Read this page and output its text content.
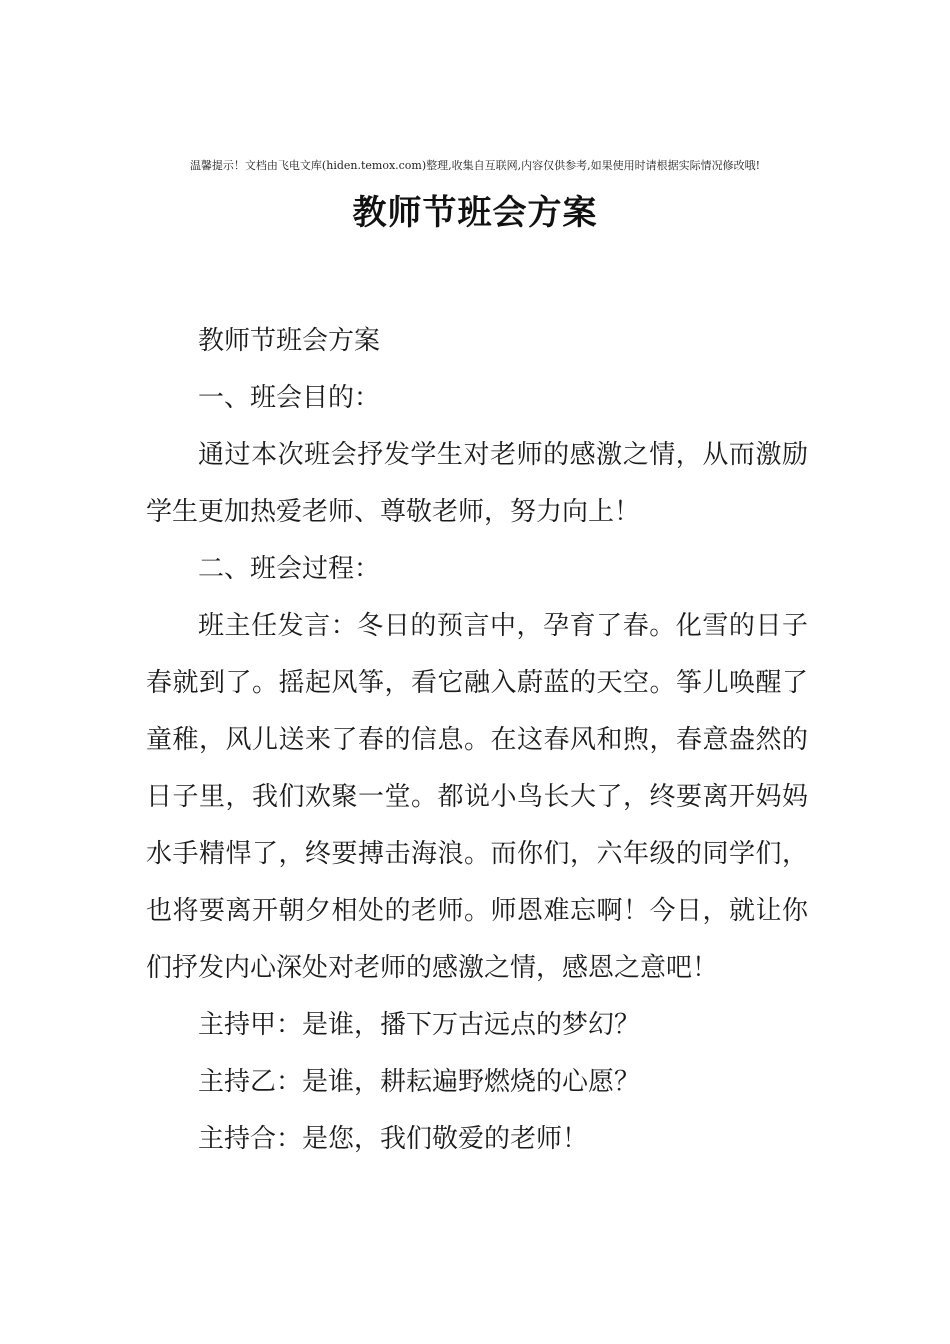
温馨提示！文档由飞电文库(hiden.temox.com)整理,收集自互联网,内容仅供参考,如果使用时请根据实际情况修改哦!
教师节班会方案

教师节班会方案

一、班会目的：

通过本次班会抒发学生对老师的感激之情，从而激励学生更加热爱老师、尊敬老师，努力向上！

二、班会过程：

班主任发言：冬日的预言中，孕育了春。化雪的日子春就到了。摇起风筝，看它融入蔚蓝的天空。筝儿唤醒了童稚，风儿送来了春的信息。在这春风和煦，春意盎然的日子里，我们欢聚一堂。都说小鸟长大了，终要离开妈妈水手精悍了，终要搏击海浪。而你们，六年级的同学们，也将要离开朝夕相处的老师。师恩难忘啊！今日，就让你们抒发内心深处对老师的感激之情，感恩之意吧！

主持甲：是谁，播下万古远点的梦幻？

主持乙：是谁，耕耘遍野燃烧的心愿？

主持合：是您，我们敬爱的老师！
